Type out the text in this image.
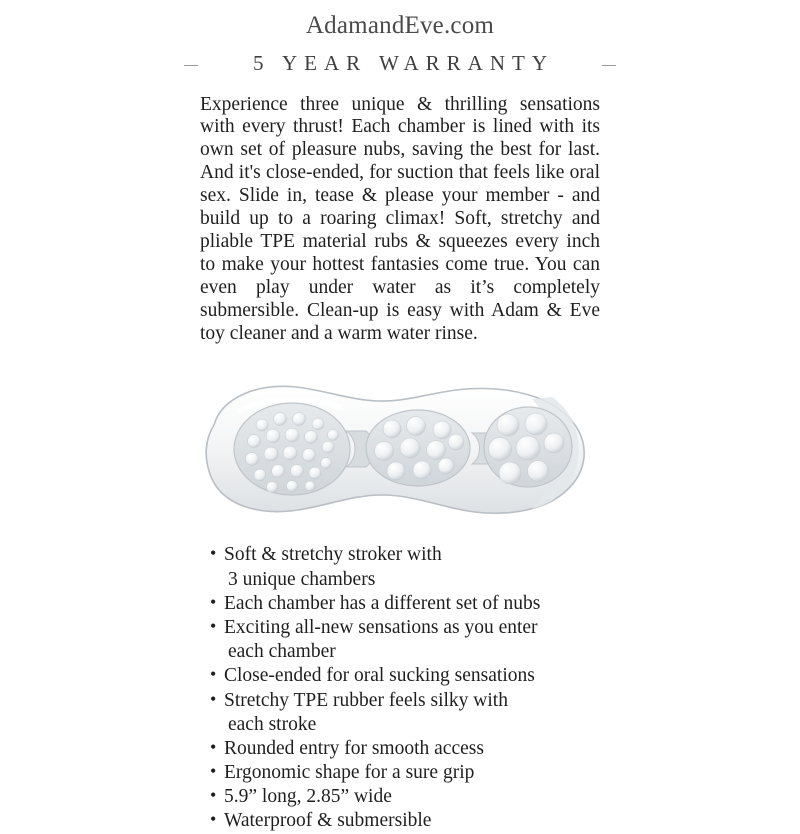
AdamandEve.com
5 YEAR WARRANTY
Experience three unique & thrilling sensations with every thrust! Each chamber is lined with its own set of pleasure nubs, saving the best for last. And it's close-ended, for suction that feels like oral sex. Slide in, tease & please your member - and build up to a roaring climax! Soft, stretchy and pliable TPE material rubs & squeezes every inch to make your hottest fantasies come true. You can even play under water as it’s completely submersible. Clean-up is easy with Adam & Eve toy cleaner and a warm water rinse.
• Soft & stretchy stroker with
3 unique chambers
• Each chamber has a different set of nubs
• Exciting all-new sensations as you enter
each chamber
• Close-ended for oral sucking sensations
• Stretchy TPE rubber feels silky with
each stroke
• Rounded entry for smooth access
• Ergonomic shape for a sure grip
• 5.9” long, 2.85” wide
• Waterproof & submersible
